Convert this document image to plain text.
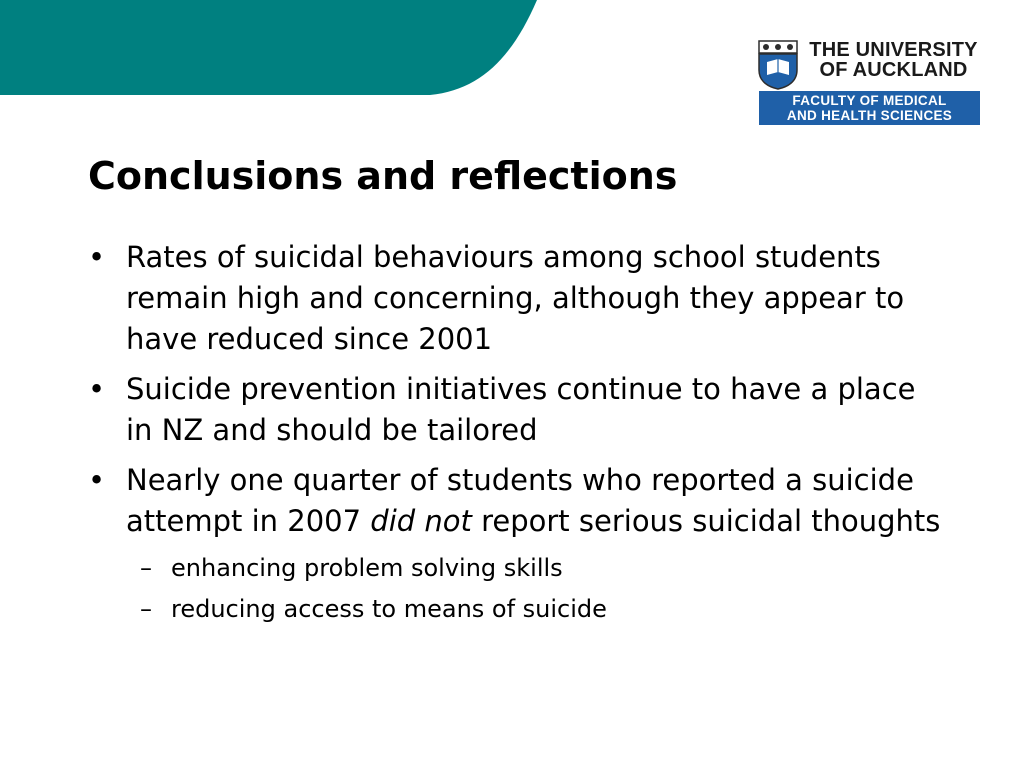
THE UNIVERSITY
OF AUCKLAND
FACULTY OF MEDICAL
AND HEALTH SCIENCES
Conclusions and reflections
• Rates of suicidal behaviours among school students remain high and concerning, although they appear to have reduced since 2001
• Suicide prevention initiatives continue to have a place in NZ and should be tailored
• Nearly one quarter of students who reported a suicide attempt in 2007 did not report serious suicidal thoughts
– enhancing problem solving skills
– reducing access to means of suicide
